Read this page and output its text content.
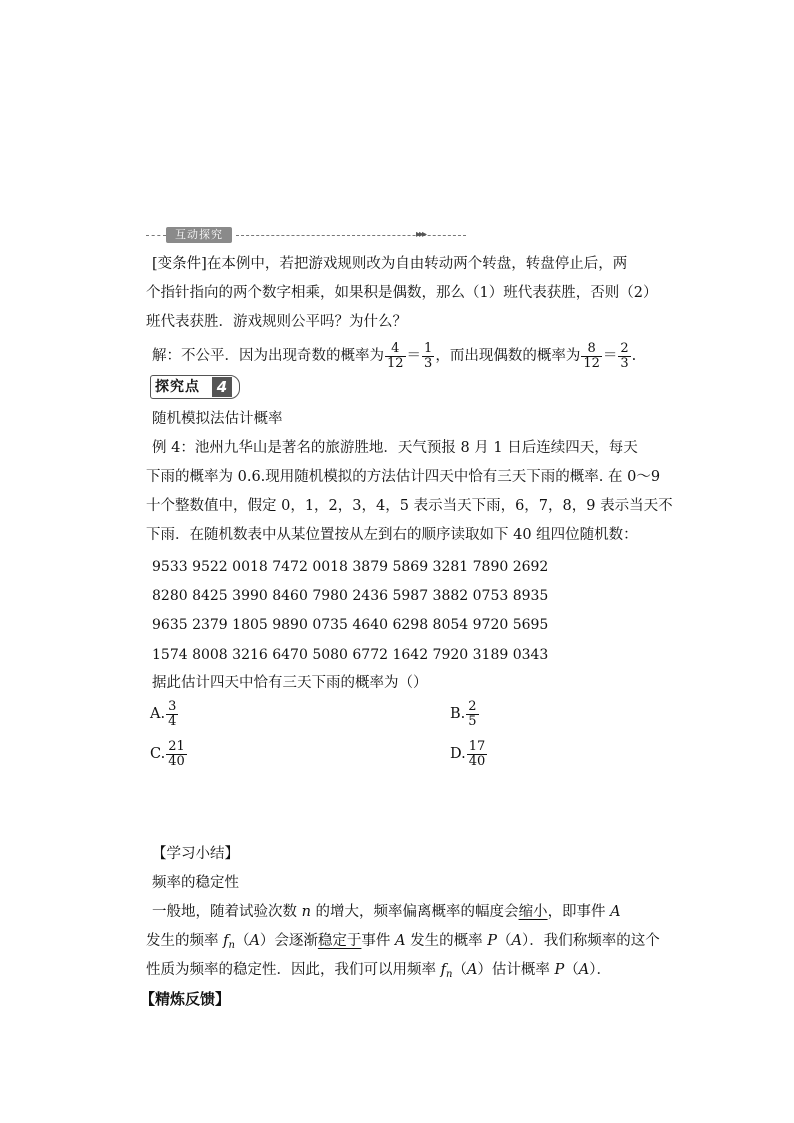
互动探究	▸▸▸
[变条件]在本例中，若把游戏规则改为自由转动两个转盘，转盘停止后，两
个指针指向的两个数字相乘，如果积是偶数，那么（1）班代表获胜，否则（2）
班代表获胜．游戏规则公平吗？为什么？
解：不公平．因为出现奇数的概率为 $\frac{4}{12} = \frac{1}{3}$ ，而出现偶数的概率为 $\frac{8}{12} = \frac{2}{3}$ .
探究点	4
随机模拟法估计概率
例 4：池州九华山是著名的旅游胜地．天气预报 8 月 1 日后连续四天，每天
下雨的概率为 0.6.现用随机模拟的方法估计四天中恰有三天下雨的概率. 在 0～9
十个整数值中，假定 0，1，2，3，4，5 表示当天下雨，6，7，8，9 表示当天不
下雨．在随机数表中从某位置按从左到右的顺序读取如下 40 组四位随机数：
9533 9522 0018 7472 0018 3879 5869 3281 7890 2692
8280 8425 3990 8460 7980 2436 5987 3882 0753 8935
9635 2379 1805 9890 0735 4640 6298 8054 9720 5695
1574 8008 3216 6470 5080 6772 1642 7920 3189 0343
据此估计四天中恰有三天下雨的概率为（）
A. $\frac{3}{4}$	B. $\frac{2}{5}$
C. $\frac{21}{40}$	D. $\frac{17}{40}$
【学习小结】
频率的稳定性
一般地，随着试验次数 n 的增大，频率偏离概率的幅度会缩小，即事件 A
发生的频率 $f_n(A)$会逐渐稳定于事件 A 发生的概率 P（A）．我们称频率的这个
性质为频率的稳定性．因此，我们可以用频率 $f_n(A)$估计概率 P（A）．
【精炼反馈】
